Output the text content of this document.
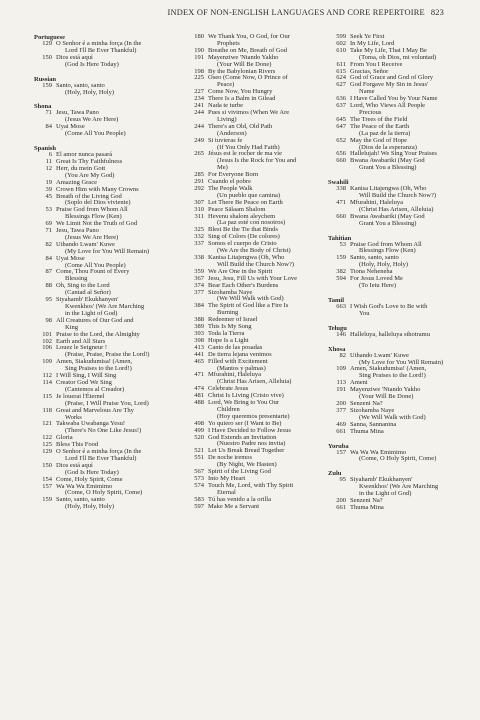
INDEX OF NON-ENGLISH LANGUAGES AND CORE REPERTOIRE 823
Portuguese
129 O Senhor é a minha força (In the
Lord I'll Be Ever Thankful)
150 Dios está aquí
(God Is Here Today)
Russian
159 Santo, santo, santo
(Holy, Holy, Holy)
Shona
71 Jesu, Tawa Pano
(Jesus We Are Here)
84 Uyai Mose
(Come All You People)
Spanish
6 El amor nunca pasará
11 Great Is Thy Faithfulness
12 Herr, du mein Gott
(You Are My God)
19 Amazing Grace
39 Crown Him with Many Crowns
45 Breath of the Living God
(Soplo del Dios viviente)
53 Praise God from Whom All
Blessings Flow (Ken)
69 We Limit Not the Truth of God
71 Jesu, Tawa Pano
(Jesus We Are Here)
82 Uthando Lwam' Kuwe
(My Love for You Will Remain)
84 Uyai Mose
(Come All You People)
87 Come, Thou Fount of Every
Blessing
88 Oh, Sing to the Lord
(Cantad al Señor)
95 Siyahamb' Ekukhanyen'
Kwenkhos' (We Are Marching
in the Light of God)
98 All Creatures of Our God and
King
101 Praise to the Lord, the Almighty
102 Earth and All Stars
106 Louez le Seigneur !
(Praise, Praise, Praise the Lord!)
109 Amen, Siakudumisa! (Amen,
Sing Praises to the Lord!)
112 I Will Sing, I Will Sing
114 Creator God We Sing
(Cantemos al Creador)
115 Je louerai l'Éternel
(Praise, I Will Praise You, Lord)
118 Great and Marvelous Are Thy
Works
121 Takwaba Uwabanga Yesu!
(There's No One Like Jesus!)
122 Gloria
125 Bless This Food
129 O Senhor é a minha força (In the
Lord I'll Be Ever Thankful)
150 Dios está aquí
(God Is Here Today)
154 Come, Holy Spirit, Come
157 Wa Wa Wa Emimimo
(Come, O Holy Spirit, Come)
159 Santo, santo, santo
(Holy, Holy, Holy)
180 We Thank You, O God, for Our
Prophets
190 Breathe on Me, Breath of God
191 Mayenziwe 'Ntando Yakho
(Your Will Be Done)
198 By the Babylonian Rivers
225 Oseo (Come Now, O Prince of
Peace)
227 Come Now, You Hungry
234 There Is a Balm in Gilead
241 Nada te turbe
244 Pues si vivimos (When We Are
Living)
244 There's an Old, Old Path
(Anderson)
249 Si tuvieras fe
(If You Only Had Faith)
265 Jésus est le rocher de ma vie
(Jesus Is the Rock for You and
Me)
285 For Everyone Born
291 Cuando el pobre
292 The People Walk
(Un pueblo que camina)
307 Let There Be Peace on Earth
310 Peace Sälaam Shalom
311 Hevenu shalom aleychem
(La paz esté con nosotros)
325 Blest Be the Tie that Binds
332 Sing of Colors (De colores)
337 Somos el cuerpo de Cristo
(We Are the Body of Christ)
338 Kanisa Litajengwa (Oh, Who
Will Build the Church Now?)
359 We Are One in the Spirit
367 Jesu, Jesu, Fill Us with Your Love
374 Bear Each Other's Burdens
377 Sizohamba Naye
(We Will Walk with God)
384 The Spirit of God like a Fire Is
Burning
388 Redeemer of Israel
389 This Is My Song
393 Toda la Tierra
398 Hope Is a Light
413 Canto de las posadas
441 De tierra lejana venimos
465 Filled with Excitement
(Mantos y palmas)
471 Mfurahini, Haleluya
(Christ Has Arisen, Alleluia)
474 Celebrate Jesus
481 Christ Is Living (Cristo vive)
488 Lord, We Bring to You Our
Children
(Hoy queremos presentarte)
498 Yo quiero ser (I Want to Be)
499 I Have Decided to Follow Jesus
520 God Extends an Invitation
(Nuestro Padre nos invita)
521 Let Us Break Bread Together
551 De noche iremos
(By Night, We Hasten)
567 Spirit of the Living God
573 Into My Heart
574 Touch Me, Lord, with Thy Spirit
Eternal
583 Tú has venido a la orilla
597 Make Me a Servant
599 Seek Ye First
602 In My Life, Lord
610 Take My Life, That I May Be
(Toma, oh Dios, mi voluntad)
611 From You I Receive
615 Gracias, Señor
624 God of Grace and God of Glory
627 God Forgave My Sin in Jesus'
Name
636 I Have Called You by Your Name
637 Lord, Who Views All People
Precious
645 The Trees of the Field
647 The Peace of the Earth
(La paz de la tierra)
652 May the God of Hope
(Dios de la esperanza)
656 Hallelujah! We Sing Your Praises
660 Bwana Awabariki (May God
Grant You a Blessing)
Swahili
338 Kanisa Litajengwa (Oh, Who
Will Build the Church Now?)
471 Mfurahini, Haleluya
(Christ Has Arisen, Alleluia)
660 Bwana Awabariki (May God
Grant You a Blessing)
Tahitian
53 Praise God from Whom All
Blessings Flow (Ken)
159 Santo, santo, santo
(Holy, Holy, Holy)
382 Tiona Neheneha
594 For Jesus Loved Me
(To Ietu Here)
Tamil
663 I Wish God's Love to Be with
You
Telugu
146 Halleluya, halleluya sthotramu
Xhosa
82 Uthando Lwam' Kuwe
(My Love for You Will Remain)
109 Amen, Siakudumisa! (Amen,
Sing Praises to the Lord!)
113 Ameni
191 Mayenziwe 'Ntando Yakho
(Your Will Be Done)
200 Senzeni Na?
377 Sizohamba Naye
(We Will Walk with God)
469 Sanna, Sannanina
661 Thuma Mina
Yoruba
157 Wa Wa Wa Emimimo
(Come, O Holy Spirit, Come)
Zulu
95 Siyahamb' Ekukhanyen'
Kwenkhos' (We Are Marching
in the Light of God)
200 Senzeni Na?
661 Thuma Mina
